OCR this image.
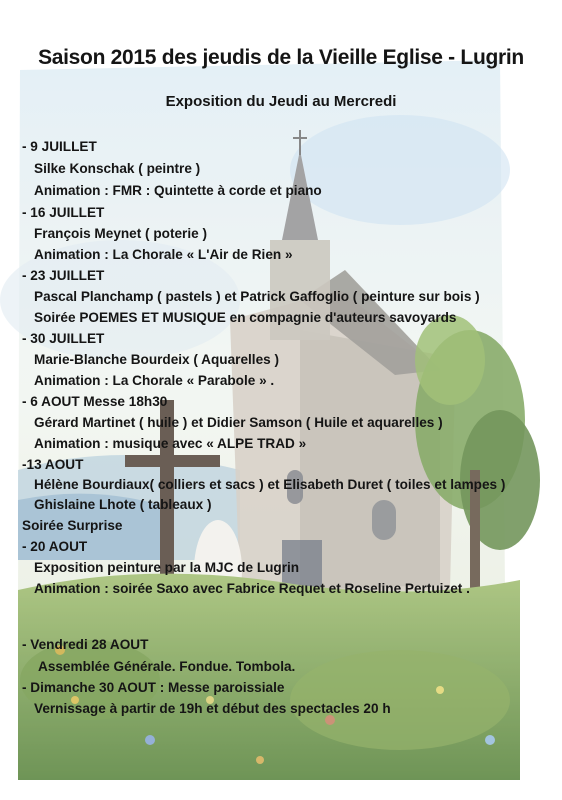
Saison 2015 des jeudis de la Vieille Eglise - Lugrin
Exposition du Jeudi au Mercredi
- 9 JUILLET
Silke Konschak ( peintre )
Animation : FMR : Quintette à corde et piano
- 16 JUILLET
François Meynet ( poterie )
Animation : La Chorale « L'Air de Rien »
- 23 JUILLET
Pascal Planchamp ( pastels ) et Patrick Gaffoglio ( peinture sur bois )
Soirée POEMES ET MUSIQUE en compagnie d'auteurs savoyards
- 30 JUILLET
Marie-Blanche Bourdeix ( Aquarelles )
Animation : La Chorale « Parabole » .
- 6 AOUT Messe 18h30
Gérard Martinet ( huile ) et Didier Samson ( Huile et aquarelles )
Animation : musique avec « ALPE TRAD »
-13 AOUT
Hélène Bourdiaux( colliers et sacs ) et Elisabeth Duret ( toiles et lampes )
Ghislaine Lhote ( tableaux )
Soirée Surprise
- 20 AOUT
Exposition peinture par la MJC de Lugrin
Animation : soirée Saxo avec Fabrice Requet et Roseline Pertuizet .
- Vendredi 28 AOUT
Assemblée Générale. Fondue. Tombola.
- Dimanche 30 AOUT : Messe paroissiale
Vernissage à partir de 19h et début des spectacles 20 h
